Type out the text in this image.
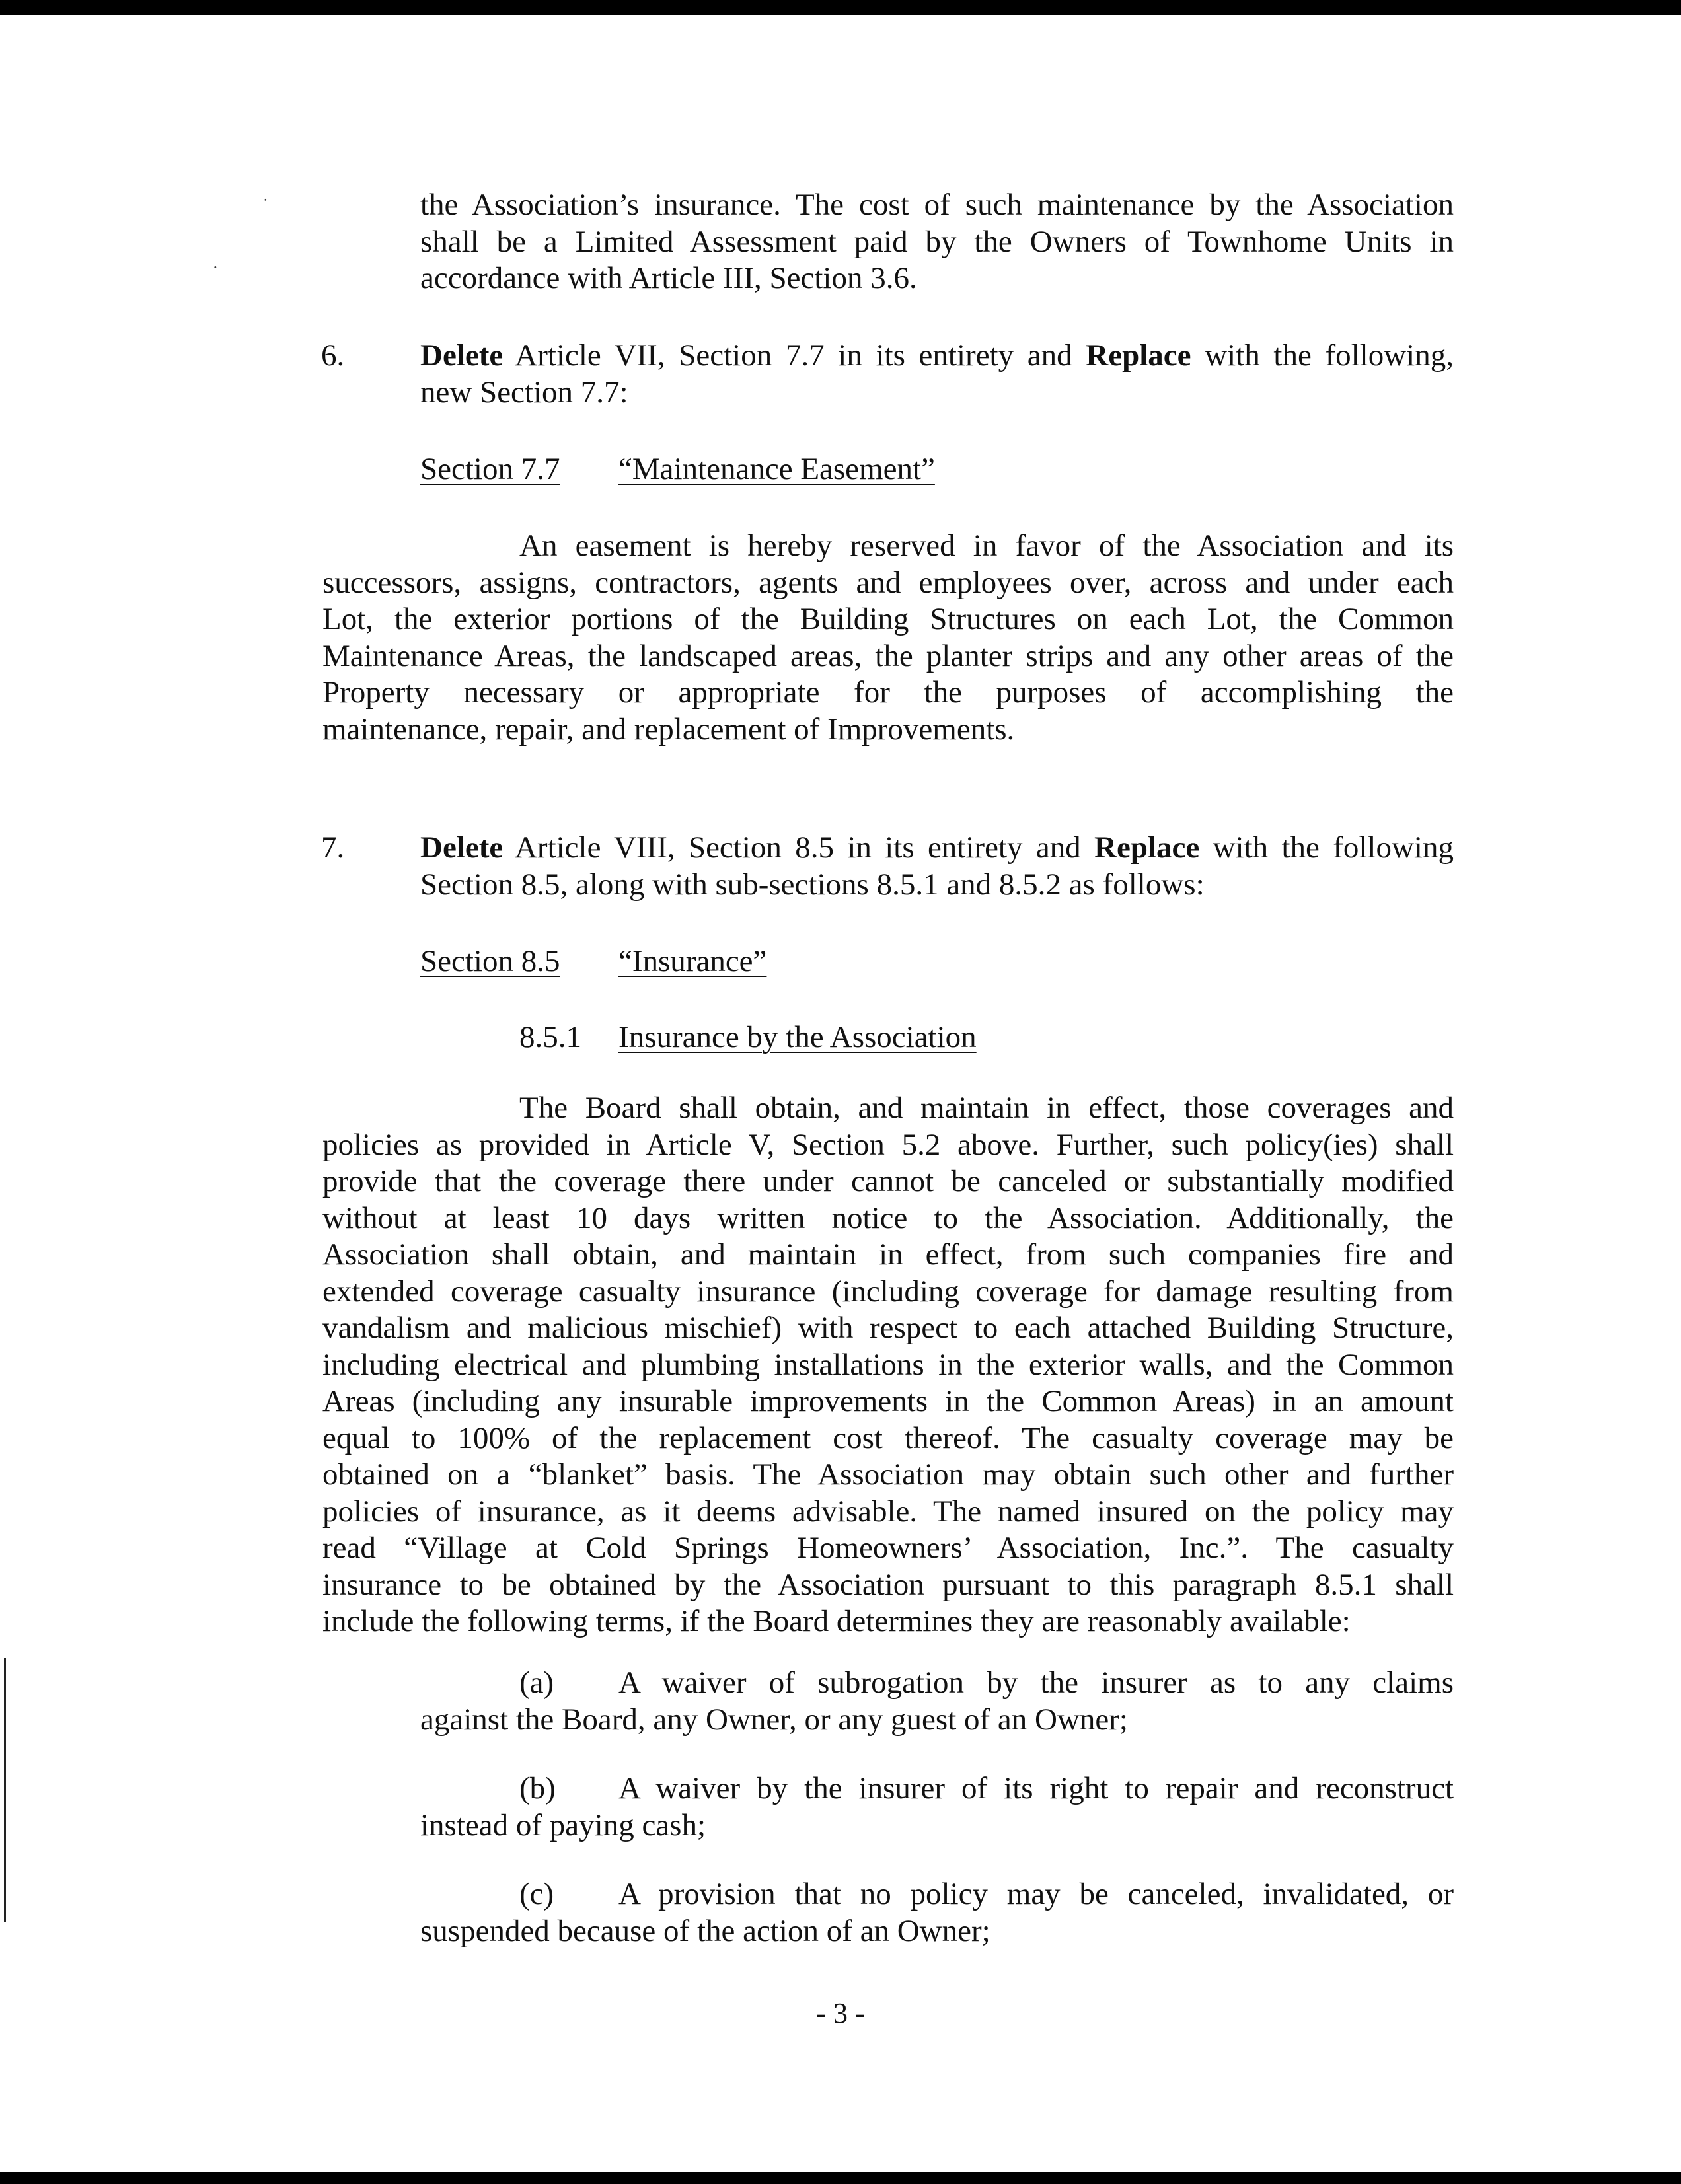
⋅
⋅
the Association’s insurance. The cost of such maintenance by the Association
shall be a Limited Assessment paid by the Owners of Townhome Units in
accordance with Article III, Section 3.6.
6. Delete Article VII, Section 7.7 in its entirety and Replace with the following,
new Section 7.7:
Section 7.7 “Maintenance Easement”
An easement is hereby reserved in favor of the Association and its
successors, assigns, contractors, agents and employees over, across and under each
Lot, the exterior portions of the Building Structures on each Lot, the Common
Maintenance Areas, the landscaped areas, the planter strips and any other areas of the
Property necessary or appropriate for the purposes of accomplishing the
maintenance, repair, and replacement of Improvements.
7. Delete Article VIII, Section 8.5 in its entirety and Replace with the following
Section 8.5, along with sub-sections 8.5.1 and 8.5.2 as follows:
Section 8.5 “Insurance”
8.5.1 Insurance by the Association
The Board shall obtain, and maintain in effect, those coverages and
policies as provided in Article V, Section 5.2 above. Further, such policy(ies) shall
provide that the coverage there under cannot be canceled or substantially modified
without at least 10 days written notice to the Association. Additionally, the
Association shall obtain, and maintain in effect, from such companies fire and
extended coverage casualty insurance (including coverage for damage resulting from
vandalism and malicious mischief) with respect to each attached Building Structure,
including electrical and plumbing installations in the exterior walls, and the Common
Areas (including any insurable improvements in the Common Areas) in an amount
equal to 100% of the replacement cost thereof. The casualty coverage may be
obtained on a “blanket” basis. The Association may obtain such other and further
policies of insurance, as it deems advisable. The named insured on the policy may
read “Village at Cold Springs Homeowners’ Association, Inc.”. The casualty
insurance to be obtained by the Association pursuant to this paragraph 8.5.1 shall
include the following terms, if the Board determines they are reasonably available:
(a)	A waiver of subrogation by the insurer as to any claims
against the Board, any Owner, or any guest of an Owner;
(b)	A waiver by the insurer of its right to repair and reconstruct
instead of paying cash;
(c)	A provision that no policy may be canceled, invalidated, or
suspended because of the action of an Owner;
- 3 -
